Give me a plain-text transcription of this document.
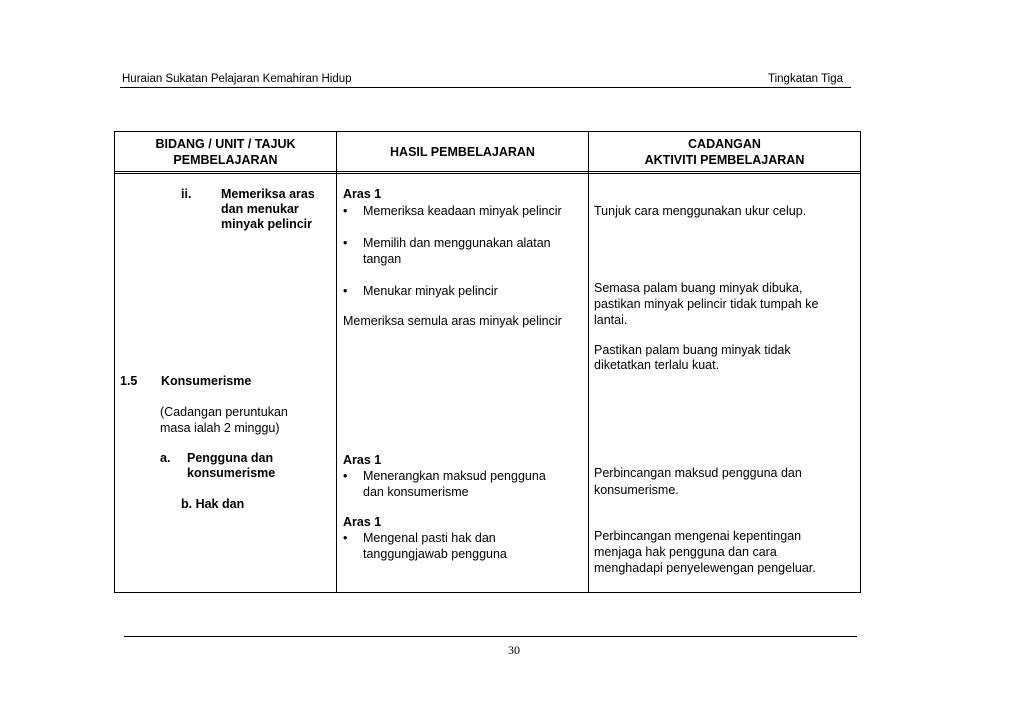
Huraian Sukatan Pelajaran Kemahiran Hidup	Tingkatan Tiga
BIDANG / UNIT / TAJUK
PEMBELAJARAN
HASIL PEMBELAJARAN
CADANGAN
AKTIVITI PEMBELAJARAN
ii. Memeriksa aras
dan menukar
minyak pelincir
1.5 Konsumerisme
(Cadangan peruntukan
masa ialah 2 minggu)
a. Pengguna dan
konsumerisme
b. Hak dan
Aras 1
• Memeriksa keadaan minyak pelincir
• Memilih dan menggunakan alatan
tangan
• Menukar minyak pelincir
Memeriksa semula aras minyak pelincir
Aras 1
• Menerangkan maksud pengguna
dan konsumerisme
Aras 1
• Mengenal pasti hak dan
tanggungjawab pengguna
Tunjuk cara menggunakan ukur celup.
Semasa palam buang minyak dibuka,
pastikan minyak pelincir tidak tumpah ke
lantai.
Pastikan palam buang minyak tidak
diketatkan terlalu kuat.
Perbincangan maksud pengguna dan
konsumerisme.
Perbincangan mengenai kepentingan
menjaga hak pengguna dan cara
menghadapi penyelewengan pengeluar.
30
